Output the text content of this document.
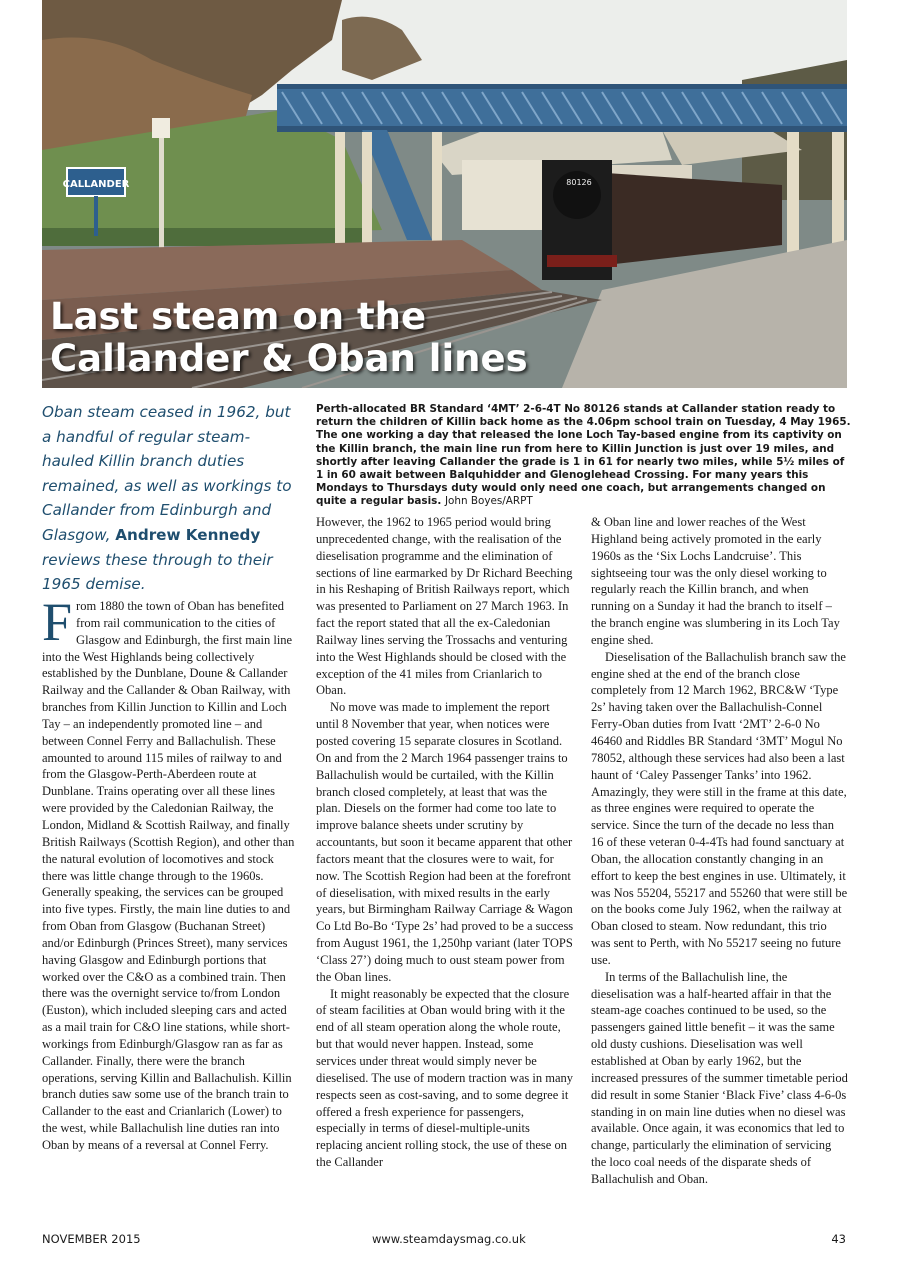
CALLANDER	80126
Last steam on the
Callander & Oban lines
Oban steam ceased in 1962, but a handful of regular steam-hauled Killin branch duties remained, as well as workings to Callander from Edinburgh and Glasgow, Andrew Kennedy reviews these through to their 1965 demise.
Perth-allocated BR Standard ‘4MT’ 2-6-4T No 80126 stands at Callander station ready to return the children of Killin back home as the 4.06pm school train on Tuesday, 4 May 1965. The one working a day that released the lone Loch Tay-based engine from its captivity on the Killin branch, the main line run from here to Killin Junction is just over 19 miles, and shortly after leaving Callander the grade is 1 in 61 for nearly two miles, while 5½ miles of 1 in 60 await between Balquhidder and Glenoglehead Crossing. For many years this Mondays to Thursdays duty would only need one coach, but arrangements changed on quite a regular basis. John Boyes/ARPT

From 1880 the town of Oban has benefited from rail communication to the cities of Glasgow and Edinburgh, the first main line into the West Highlands being collectively established by the Dunblane, Doune & Callander Railway and the Callander & Oban Railway, with branches from Killin Junction to Killin and Loch Tay – an independently promoted line – and between Connel Ferry and Ballachulish. These amounted to around 115 miles of railway to and from the Glasgow-Perth-Aberdeen route at Dunblane. Trains operating over all these lines were provided by the Caledonian Railway, the London, Midland & Scottish Railway, and finally British Railways (Scottish Region), and other than the natural evolution of locomotives and stock there was little change through to the 1960s. Generally speaking, the services can be grouped into five types. Firstly, the main line duties to and from Oban from Glasgow (Buchanan Street) and/or Edinburgh (Princes Street), many services having Glasgow and Edinburgh portions that worked over the C&O as a combined train. Then there was the overnight service to/from London (Euston), which included sleeping cars and acted as a mail train for C&O line stations, while short-workings from Edinburgh/Glasgow ran as far as Callander. Finally, there were the branch operations, serving Killin and Ballachulish. Killin branch duties saw some use of the branch train to Callander to the east and Crianlarich (Lower) to the west, while Ballachulish line duties ran into Oban by means of a reversal at Connel Ferry.

However, the 1962 to 1965 period would bring unprecedented change, with the realisation of the dieselisation programme and the elimination of sections of line earmarked by Dr Richard Beeching in his Reshaping of British Railways report, which was presented to Parliament on 27 March 1963. In fact the report stated that all the ex-Caledonian Railway lines serving the Trossachs and venturing into the West Highlands should be closed with the exception of the 41 miles from Crianlarich to Oban.

No move was made to implement the report until 8 November that year, when notices were posted covering 15 separate closures in Scotland. On and from the 2 March 1964 passenger trains to Ballachulish would be curtailed, with the Killin branch closed completely, at least that was the plan. Diesels on the former had come too late to improve balance sheets under scrutiny by accountants, but soon it became apparent that other factors meant that the closures were to wait, for now. The Scottish Region had been at the forefront of dieselisation, with mixed results in the early years, but Birmingham Railway Carriage & Wagon Co Ltd Bo-Bo ‘Type 2s’ had proved to be a success from August 1961, the 1,250hp variant (later TOPS ‘Class 27’) doing much to oust steam power from the Oban lines.

It might reasonably be expected that the closure of steam facilities at Oban would bring with it the end of all steam operation along the whole route, but that would never happen. Instead, some services under threat would simply never be dieselised. The use of modern traction was in many respects seen as cost-saving, and to some degree it offered a fresh experience for passengers, especially in terms of diesel-multiple-units replacing ancient rolling stock, the use of these on the Callander

& Oban line and lower reaches of the West Highland being actively promoted in the early 1960s as the ‘Six Lochs Landcruise’. This sightseeing tour was the only diesel working to regularly reach the Killin branch, and when running on a Sunday it had the branch to itself – the branch engine was slumbering in its Loch Tay engine shed.

Dieselisation of the Ballachulish branch saw the engine shed at the end of the branch close completely from 12 March 1962, BRC&W ‘Type 2s’ having taken over the Ballachulish-Connel Ferry-Oban duties from Ivatt ‘2MT’ 2-6-0 No 46460 and Riddles BR Standard ‘3MT’ Mogul No 78052, although these services had also been a last haunt of ‘Caley Passenger Tanks’ into 1962. Amazingly, they were still in the frame at this date, as three engines were required to operate the service. Since the turn of the decade no less than 16 of these veteran 0-4-4Ts had found sanctuary at Oban, the allocation constantly changing in an effort to keep the best engines in use. Ultimately, it was Nos 55204, 55217 and 55260 that were still be on the books come July 1962, when the railway at Oban closed to steam. Now redundant, this trio was sent to Perth, with No 55217 seeing no future use.

In terms of the Ballachulish line, the dieselisation was a half-hearted affair in that the steam-age coaches continued to be used, so the passengers gained little benefit – it was the same old dusty cushions. Dieselisation was well established at Oban by early 1962, but the increased pressures of the summer timetable period did result in some Stanier ‘Black Five’ class 4-6-0s standing in on main line duties when no diesel was available. Once again, it was economics that led to change, particularly the elimination of servicing the loco coal needs of the disparate sheds of Ballachulish and Oban.

NOVEMBER 2015	www.steamdaysmag.co.uk	43
